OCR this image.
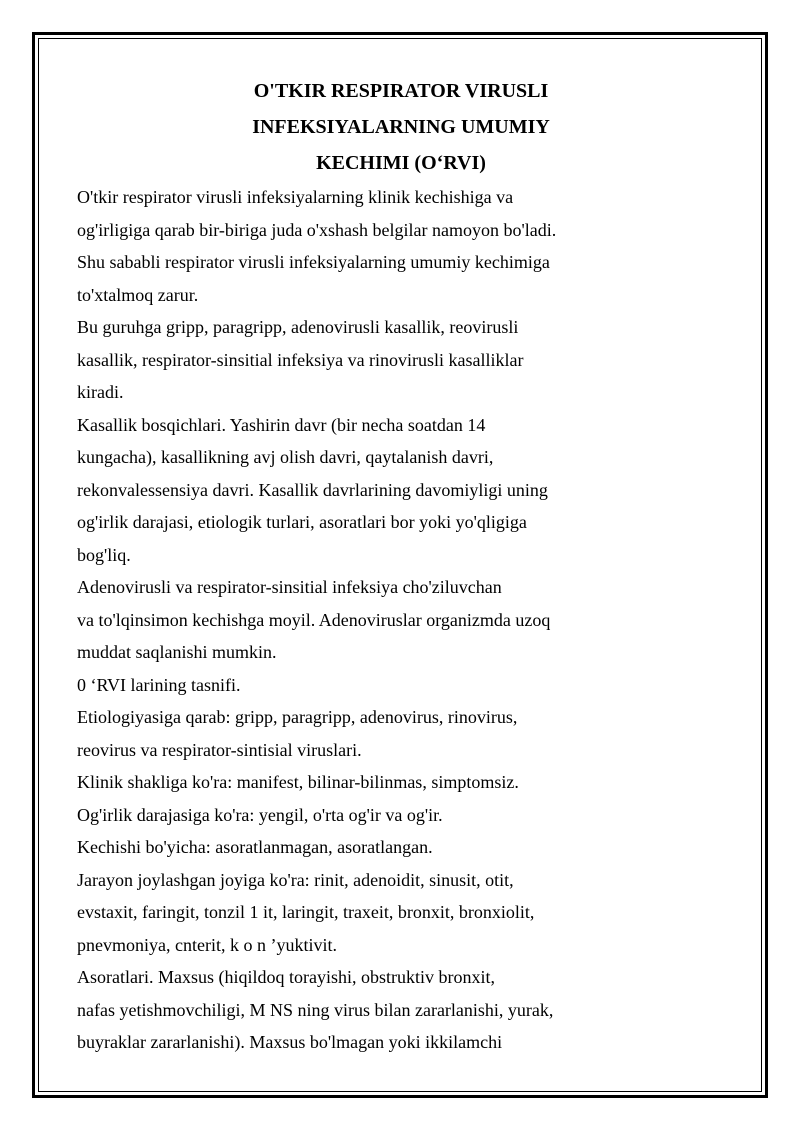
O'TKIR RESPIRATOR VIRUSLI
INFEKSIYALARNING UMUMIY
KECHIMI (O‘RVI)
O'tkir respirator virusli infeksiyalarning klinik kechishiga va
og'irligiga qarab bir-biriga juda o'xshash belgilar namoyon bo'ladi.
Shu sababli respirator virusli infeksiyalarning umumiy kechimiga
to'xtalmoq zarur.
Bu guruhga gripp, paragripp, adenovirusli kasallik, reovirusli
kasallik, respirator-sinsitial infeksiya va rinovirusli kasalliklar
kiradi.
Kasallik bosqichlari. Yashirin davr (bir necha soatdan 14
kungacha), kasallikning avj olish davri, qaytalanish davri,
rekonvalessensiya davri. Kasallik davrlarining davomiyligi uning
og'irlik darajasi, etiologik turlari, asoratlari bor yoki yo'qligiga
bog'liq.
Adenovirusli va respirator-sinsitial infeksiya cho'ziluvchan
va to'lqinsimon kechishga moyil. Adenoviruslar organizmda uzoq
muddat saqlanishi mumkin.
0 ‘RVI larining tasnifi.
Etiologiyasiga qarab: gripp, paragripp, adenovirus, rinovirus,
reovirus va respirator-sintisial viruslari.
Klinik shakliga ko'ra: manifest, bilinar-bilinmas, simptomsiz.
Og'irlik darajasiga ko'ra: yengil, o'rta og'ir va og'ir.
Kechishi bo'yicha: asoratlanmagan, asoratlangan.
Jarayon joylashgan joyiga ko'ra: rinit, adenoidit, sinusit, otit,
evstaxit, faringit, tonzil 1 it, laringit, traxeit, bronxit, bronxiolit,
pnevmoniya, cnterit, k o n ’yuktivit.
Asoratlari. Maxsus (hiqildoq torayishi, obstruktiv bronxit,
nafas yetishmovchiligi, M NS ning virus bilan zararlanishi, yurak,
buyraklar zararlanishi). Maxsus bo'lmagan yoki ikkilamchi
